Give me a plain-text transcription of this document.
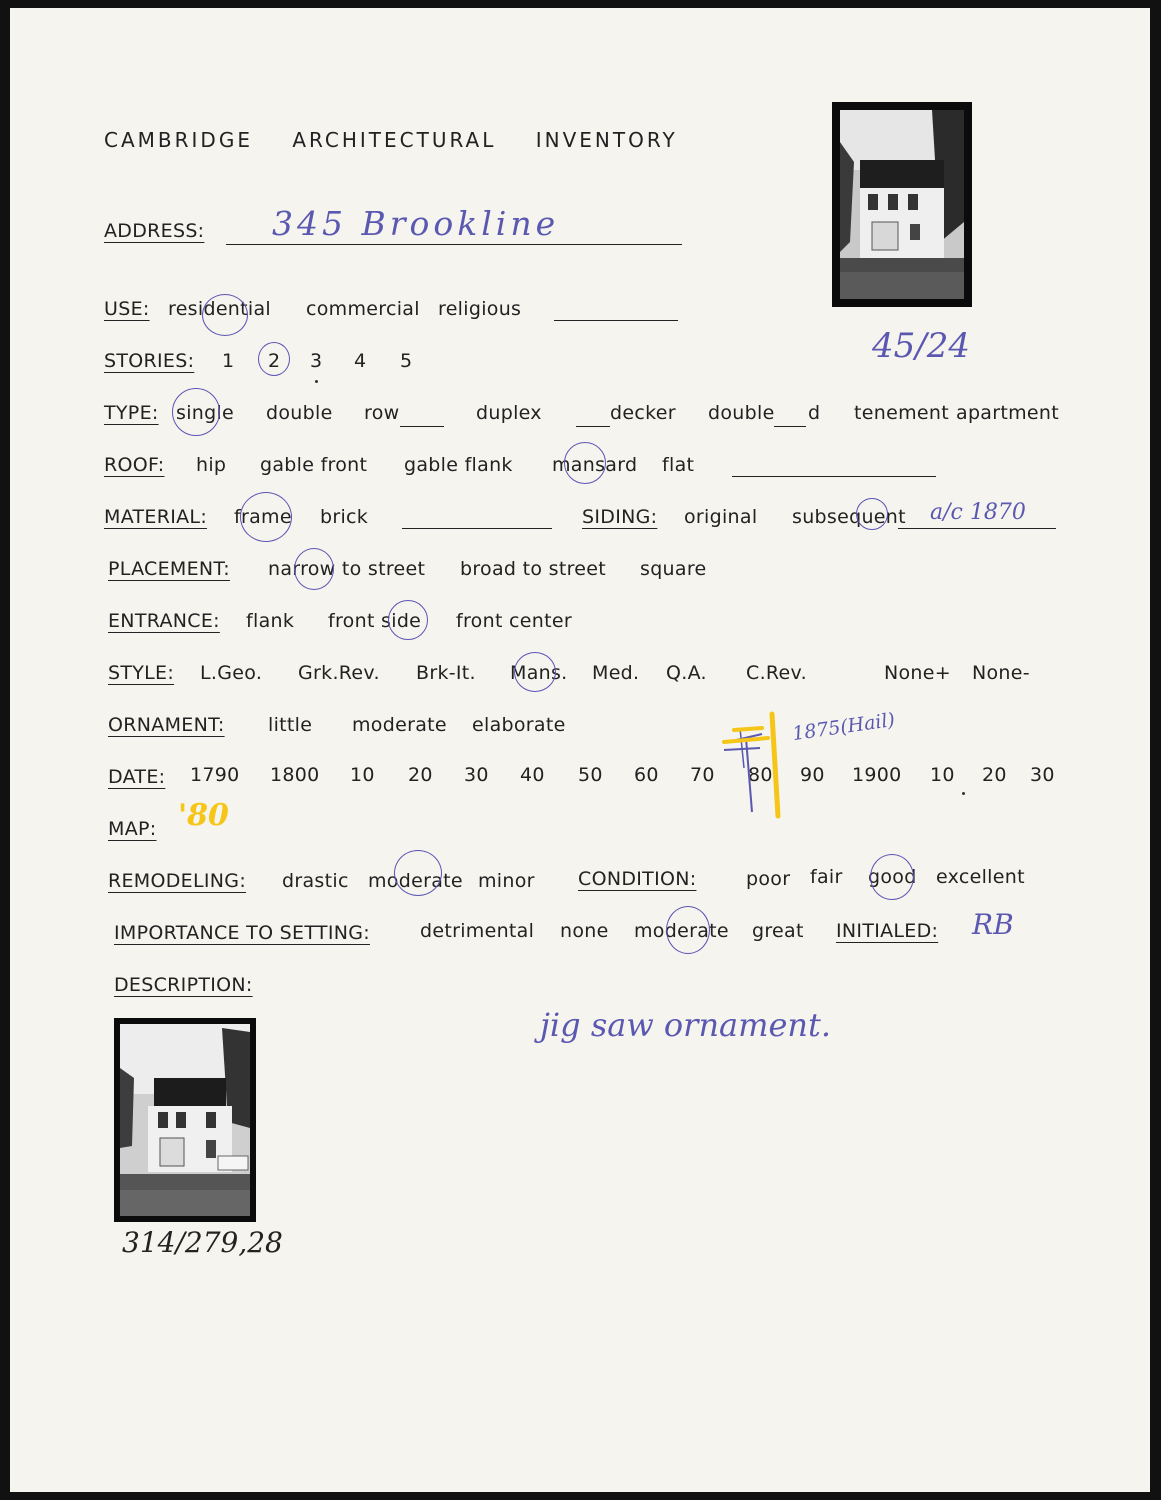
CAMBRIDGE ARCHITECTURAL INVENTORY
45/24
ADDRESS: 345 Brookline
USE: residential commercial religious
STORIES: 1 2 3 4 5
TYPE: single double row	duplex	decker double d tenement apartment
ROOF: hip gable front gable flank mansard flat
MATERIAL: frame brick	SIDING: original subsequent a/c 1870
PLACEMENT: narrow to street broad to street square
ENTRANCE: flank front side front center
STYLE: L.Geo. Grk.Rev. Brk-It. Mans. Med. Q.A. C.Rev.	None+ None-
ORNAMENT: little moderate elaborate
DATE: 1790 1800 10 20 30 40 50 60 70 80 90 1900 10 20 30
1875(Hail)
'80
MAP:
REMODELING: drastic moderate minor CONDITION:	poor fair good excellent
IMPORTANCE TO SETTING:	detrimental none moderate great INITIALED: RB
DESCRIPTION:
jig saw ornament.
314/279,28
